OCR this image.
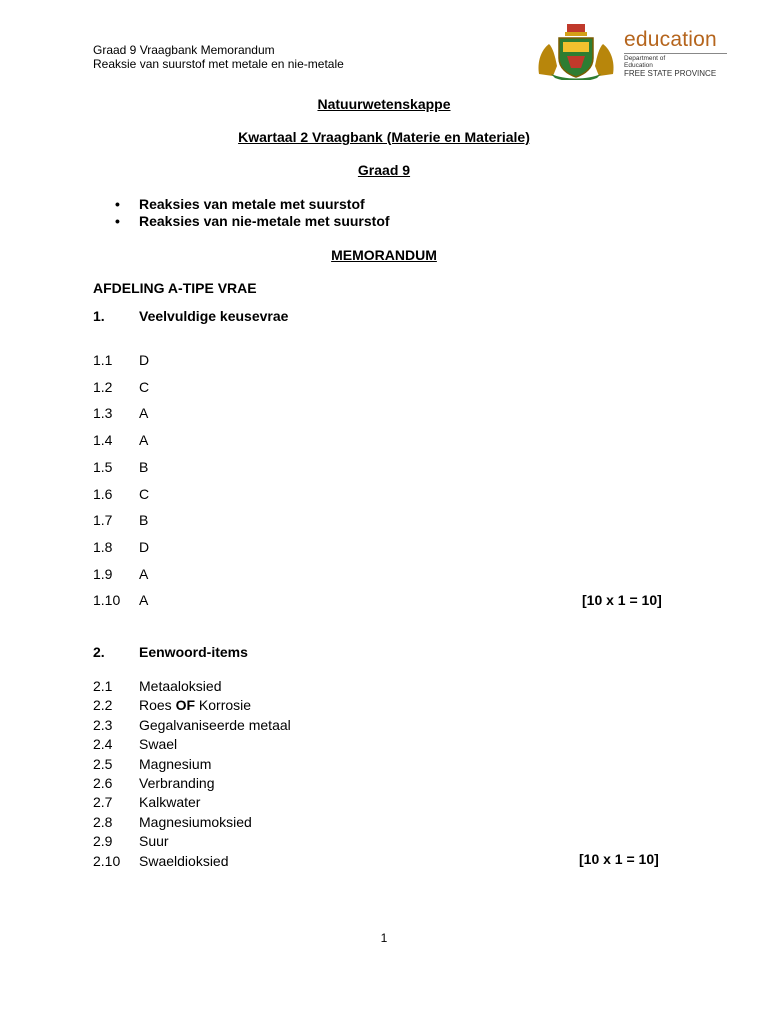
Graad 9 Vraagbank Memorandum
Reaksie van suurstof met metale en nie-metale
education
Department of
Education
FREE STATE PROVINCE
Natuurwetenskappe
Kwartaal 2 Vraagbank (Materie en Materiale)
Graad 9
• Reaksies van metale met suurstof
• Reaksies van nie-metale met suurstof
MEMORANDUM
AFDELING A-TIPE VRAE
1. Veelvuldige keusevrae
1.1 D
1.2 C
1.3 A
1.4 A
1.5 B
1.6 C
1.7 B
1.8 D
1.9 A
1.10 A	[10 x 1 = 10]
2. Eenwoord-items
2.1 Metaaloksied
2.2 Roes OF Korrosie
2.3 Gegalvaniseerde metaal
2.4 Swael
2.5 Magnesium
2.6 Verbranding
2.7 Kalkwater
2.8 Magnesiumoksied
2.9 Suur
2.10 Swaeldioksied	[10 x 1 = 10]
1
